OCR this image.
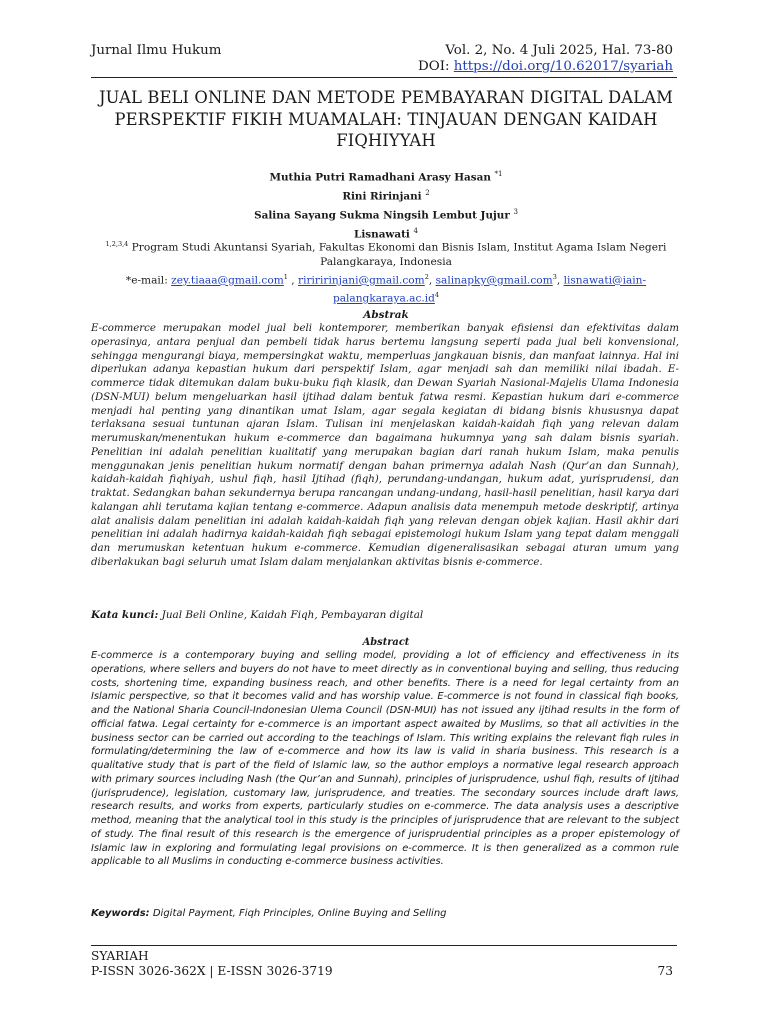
Jurnal Ilmu Hukum	Vol. 2, No. 4 Juli 2025, Hal. 73-80
DOI: https://doi.org/10.62017/syariah
JUAL BELI ONLINE DAN METODE PEMBAYARAN DIGITAL DALAM PERSPEKTIF FIKIH MUAMALAH: TINJAUAN DENGAN KAIDAH FIQHIYYAH
Muthia Putri Ramadhani Arasy Hasan $^{*1}$
Rini Ririnjani $^2$
Salina Sayang Sukma Ningsih Lembut Jujur $^3$
Lisnawati $^4$
$^{1,2,3,4}$ Program Studi Akuntansi Syariah, Fakultas Ekonomi dan Bisnis Islam, Institut Agama Islam Negeri Palangkaraya, Indonesia
*e-mail: zey.tiaaa@gmail.com$^1$ , ririririnjani@gmail.com$^2$, salinapky@gmail.com$^3$, $lisnawati@iain-palangkaraya.ac.id^4$
Abstrak
E-commerce merupakan model jual beli kontemporer, memberikan banyak efisiensi dan efektivitas dalam operasinya, antara penjual dan pembeli tidak harus bertemu langsung seperti pada jual beli konvensional, sehingga mengurangi biaya, mempersingkat waktu, memperluas jangkauan bisnis, dan manfaat lainnya. Hal ini diperlukan adanya kepastian hukum dari perspektif Islam, agar menjadi sah dan memiliki nilai ibadah. E-commerce tidak ditemukan dalam buku-buku fiqh klasik, dan Dewan Syariah Nasional-Majelis Ulama Indonesia (DSN-MUI) belum mengeluarkan hasil ijtihad dalam bentuk fatwa resmi. Kepastian hukum dari e-commerce menjadi hal penting yang dinantikan umat Islam, agar segala kegiatan di bidang bisnis khususnya dapat terlaksana sesuai tuntunan ajaran Islam. Tulisan ini menjelaskan kaidah-kaidah fiqh yang relevan dalam merumuskan/menentukan hukum e-commerce dan bagaimana hukumnya yang sah dalam bisnis syariah. Penelitian ini adalah penelitian kualitatif yang merupakan bagian dari ranah hukum Islam, maka penulis menggunakan jenis penelitian hukum normatif dengan bahan primernya adalah Nash (Qur’an dan Sunnah), kaidah-kaidah fiqhiyah, ushul fiqh, hasil Ijtihad (fiqh), perundang-undangan, hukum adat, yurisprudensi, dan traktat. Sedangkan bahan sekundernya berupa rancangan undang-undang, hasil-hasil penelitian, hasil karya dari kalangan ahli terutama kajian tentang e-commerce. Adapun analisis data menempuh metode deskriptif, artinya alat analisis dalam penelitian ini adalah kaidah-kaidah fiqh yang relevan dengan objek kajian. Hasil akhir dari penelitian ini adalah hadirnya kaidah-kaidah fiqh sebagai epistemologi hukum Islam yang tepat dalam menggali dan merumuskan ketentuan hukum e-commerce. Kemudian digeneralisasikan sebagai aturan umum yang diberlakukan bagi seluruh umat Islam dalam menjalankan aktivitas bisnis e-commerce.
Kata kunci: Jual Beli Online, Kaidah Fiqh, Pembayaran digital
Abstract
E-commerce is a contemporary buying and selling model, providing a lot of efficiency and effectiveness in its operations, where sellers and buyers do not have to meet directly as in conventional buying and selling, thus reducing costs, shortening time, expanding business reach, and other benefits. There is a need for legal certainty from an Islamic perspective, so that it becomes valid and has worship value. E-commerce is not found in classical fiqh books, and the National Sharia Council-Indonesian Ulema Council (DSN-MUI) has not issued any ijtihad results in the form of official fatwa. Legal certainty for e-commerce is an important aspect awaited by Muslims, so that all activities in the business sector can be carried out according to the teachings of Islam. This writing explains the relevant fiqh rules in formulating/determining the law of e-commerce and how its law is valid in sharia business. This research is a qualitative study that is part of the field of Islamic law, so the author employs a normative legal research approach with primary sources including Nash (the Qur’an and Sunnah), principles of jurisprudence, ushul fiqh, results of Ijtihad (jurisprudence), legislation, customary law, jurisprudence, and treaties. The secondary sources include draft laws, research results, and works from experts, particularly studies on e-commerce. The data analysis uses a descriptive method, meaning that the analytical tool in this study is the principles of jurisprudence that are relevant to the subject of study. The final result of this research is the emergence of jurisprudential principles as a proper epistemology of Islamic law in exploring and formulating legal provisions on e-commerce. It is then generalized as a common rule applicable to all Muslims in conducting e-commerce business activities.
Keywords: Digital Payment, Fiqh Principles, Online Buying and Selling
SYARIAH
P-ISSN 3026-362X | E-ISSN 3026-3719	73
